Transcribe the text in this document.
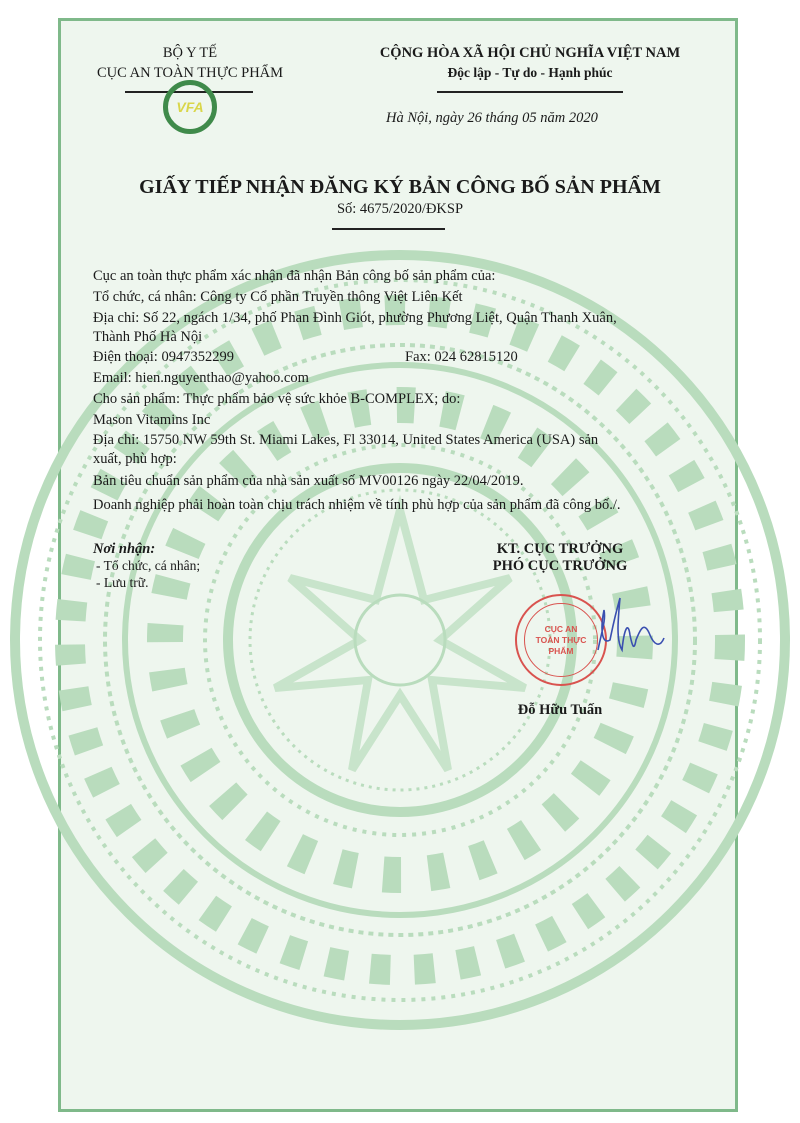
BỘ Y TẾ
CỤC AN TOÀN THỰC PHẨM
VFA
CỘNG HÒA XÃ HỘI CHỦ NGHĨA VIỆT NAM
Độc lập - Tự do - Hạnh phúc
Hà Nội, ngày 26 tháng 05 năm 2020
GIẤY TIẾP NHẬN ĐĂNG KÝ BẢN CÔNG BỐ SẢN PHẨM
Số: 4675/2020/ĐKSP
Cục an toàn thực phẩm xác nhận đã nhận Bản công bố sản phẩm của:
Tổ chức, cá nhân: Công ty Cổ phần Truyền thông Việt Liên Kết
Địa chỉ: Số 22, ngách 1/34, phố Phan Đình Giót, phường Phương Liệt, Quận Thanh Xuân,
Thành Phố Hà Nội
Điện thoại: 0947352299	Fax: 024 62815120
Email: hien.nguyenthao@yahoo.com
Cho sản phẩm: Thực phẩm bảo vệ sức khỏe B-COMPLEX; do:
Mason Vitamins Inc
Địa chỉ: 15750 NW 59th St. Miami Lakes, Fl 33014, United States America (USA) sản
xuất, phù hợp:
Bản tiêu chuẩn sản phẩm của nhà sản xuất số MV00126 ngày 22/04/2019.
Doanh nghiệp phải hoàn toàn chịu trách nhiệm về tính phù hợp của sản phẩm đã công bố./.
Nơi nhận:
- Tổ chức, cá nhân;
- Lưu trữ.
KT. CỤC TRƯỞNG
PHÓ CỤC TRƯỞNG
CỤC AN TOÀN THỰC PHẨM
Đỗ Hữu Tuấn
